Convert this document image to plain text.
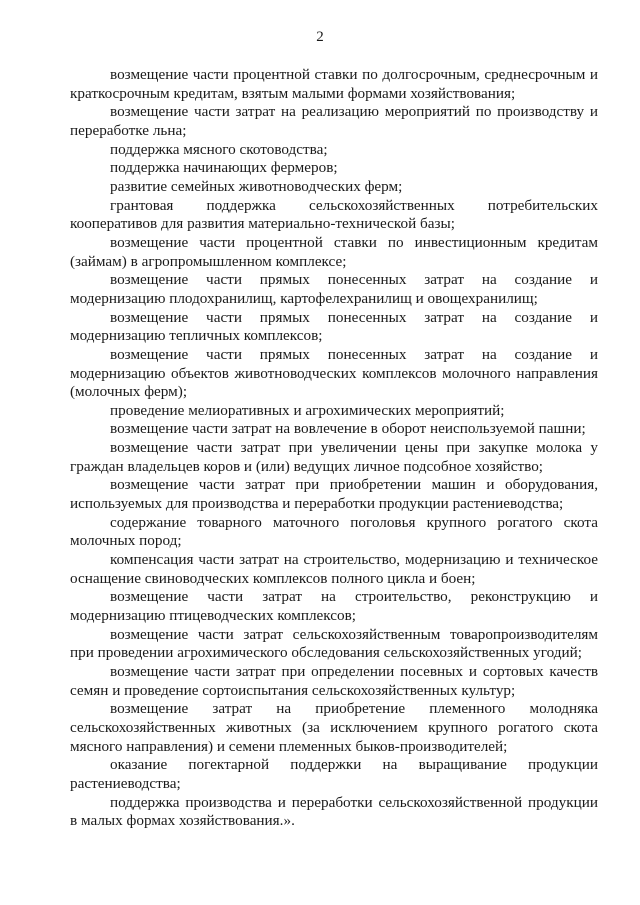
2

возмещение части процентной ставки по долгосрочным, среднесрочным и краткосрочным кредитам, взятым малыми формами хозяйствования;

возмещение части затрат на реализацию мероприятий по производству и переработке льна;

поддержка мясного скотоводства;

поддержка начинающих фермеров;

развитие семейных животноводческих ферм;

грантовая поддержка сельскохозяйственных потребительских кооперативов для развития материально-технической базы;

возмещение части процентной ставки по инвестиционным кредитам (займам) в агропромышленном комплексе;

возмещение части прямых понесенных затрат на создание и модернизацию плодохранилищ, картофелехранилищ и овощехранилищ;

возмещение части прямых понесенных затрат на создание и модернизацию тепличных комплексов;

возмещение части прямых понесенных затрат на создание и модернизацию объектов животноводческих комплексов молочного направления (молочных ферм);

проведение мелиоративных и агрохимических мероприятий;

возмещение части затрат на вовлечение в оборот неиспользуемой пашни;

возмещение части затрат при увеличении цены при закупке молока у граждан владельцев коров и (или) ведущих личное подсобное хозяйство;

возмещение части затрат при приобретении машин и оборудования, используемых для производства и переработки продукции растениеводства;

содержание товарного маточного поголовья крупного рогатого скота молочных пород;

компенсация части затрат на строительство, модернизацию и техническое оснащение свиноводческих комплексов полного цикла и боен;

возмещение части затрат на строительство, реконструкцию и модернизацию птицеводческих комплексов;

возмещение части затрат сельскохозяйственным товаропроизводителям при проведении агрохимического обследования сельскохозяйственных угодий;

возмещение части затрат при определении посевных и сортовых качеств семян и проведение сортоиспытания сельскохозяйственных культур;

возмещение затрат на приобретение племенного молодняка сельскохозяйственных животных (за исключением крупного рогатого скота мясного направления) и семени племенных быков-производителей;

оказание погектарной поддержки на выращивание продукции растениеводства;

поддержка производства и переработки сельскохозяйственной продукции в малых формах хозяйствования.».
